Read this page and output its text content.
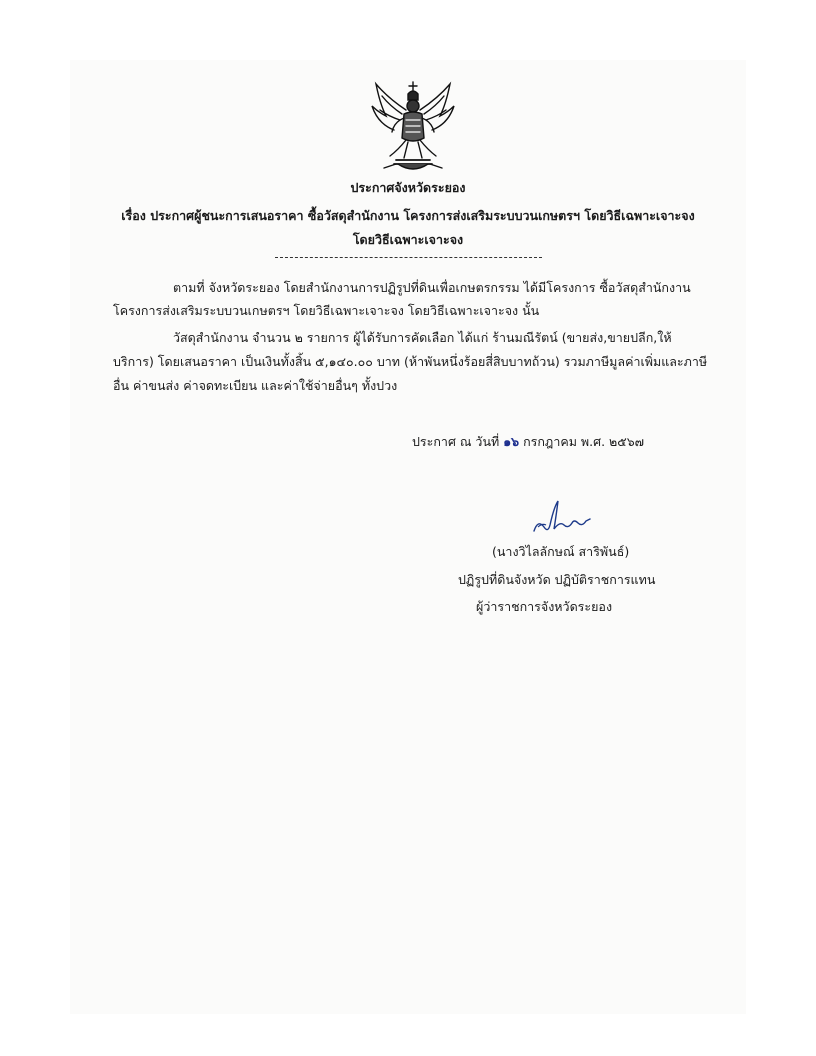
ประกาศจังหวัดระยอง
เรื่อง ประกาศผู้ชนะการเสนอราคา ซื้อวัสดุสำนักงาน โครงการส่งเสริมระบบวนเกษตรฯ โดยวิธีเฉพาะเจาะจง
โดยวิธีเฉพาะเจาะจง
ตามที่ จังหวัดระยอง โดยสำนักงานการปฏิรูปที่ดินเพื่อเกษตรกรรม ได้มีโครงการ ซื้อวัสดุสำนักงาน
โครงการส่งเสริมระบบวนเกษตรฯ โดยวิธีเฉพาะเจาะจง โดยวิธีเฉพาะเจาะจง นั้น
วัสดุสำนักงาน จำนวน ๒ รายการ ผู้ได้รับการคัดเลือก ได้แก่ ร้านมณีรัตน์ (ขายส่ง,ขายปลีก,ให้
บริการ) โดยเสนอราคา เป็นเงินทั้งสิ้น ๕,๑๔๐.๐๐ บาท (ห้าพันหนึ่งร้อยสี่สิบบาทถ้วน) รวมภาษีมูลค่าเพิ่มและภาษี
อื่น ค่าขนส่ง ค่าจดทะเบียน และค่าใช้จ่ายอื่นๆ ทั้งปวง
ประกาศ ณ วันที่ ๑๖ กรกฎาคม พ.ศ. ๒๕๖๗
(นางวิไลลักษณ์ สาริพันธ์)
ปฏิรูปที่ดินจังหวัด ปฏิบัติราชการแทน
ผู้ว่าราชการจังหวัดระยอง
